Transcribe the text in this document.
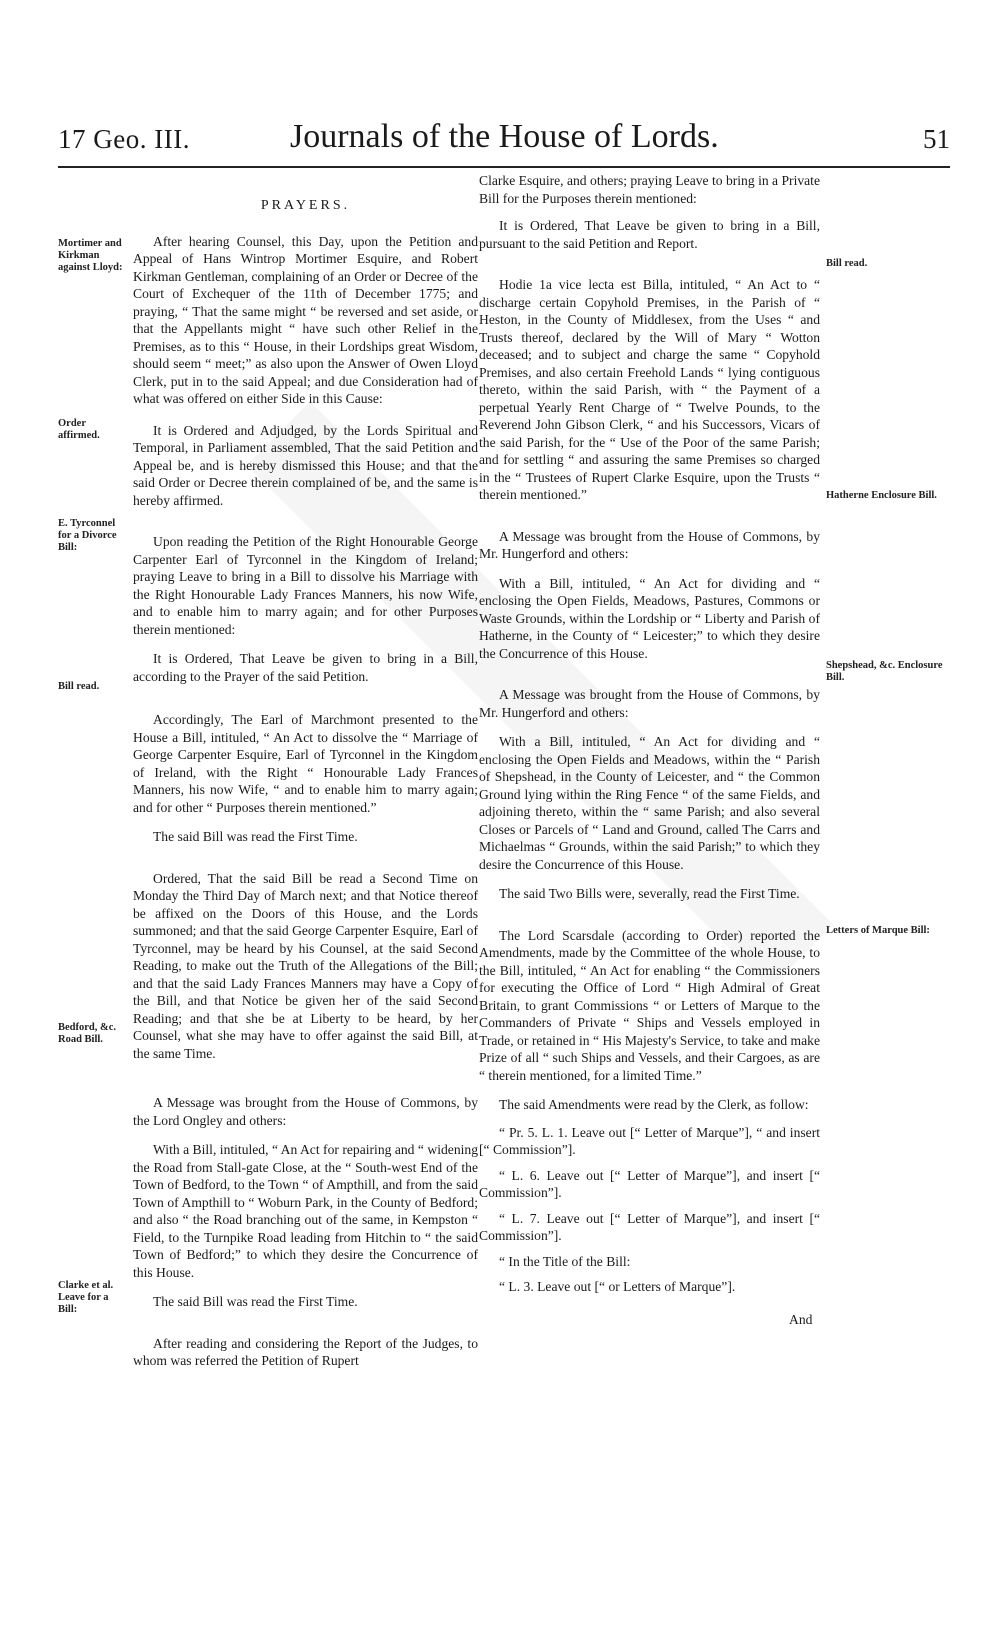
17 Geo. III.	Journals of the House of Lords.	51

PRAYERS.

After hearing Counsel, this Day, upon the Petition and Appeal of Hans Wintrop Mortimer Esquire, and Robert Kirkman Gentleman, complaining of an Order or Decree of the Court of Exchequer of the 11th of December 1775; and praying, “ That the same might “ be reversed and set aside, or that the Appellants might “ have such other Relief in the Premises, as to this “ House, in their Lordships great Wisdom, should seem “ meet;” as also upon the Answer of Owen Lloyd Clerk, put in to the said Appeal; and due Consideration had of what was offered on either Side in this Cause:

It is Ordered and Adjudged, by the Lords Spiritual and Temporal, in Parliament assembled, That the said Petition and Appeal be, and is hereby dismissed this House; and that the said Order or Decree therein complained of be, and the same is hereby affirmed.

Upon reading the Petition of the Right Honourable George Carpenter Earl of Tyrconnel in the Kingdom of Ireland; praying Leave to bring in a Bill to dissolve his Marriage with the Right Honourable Lady Frances Manners, his now Wife, and to enable him to marry again; and for other Purposes therein mentioned:

It is Ordered, That Leave be given to bring in a Bill, according to the Prayer of the said Petition.

Accordingly, The Earl of Marchmont presented to the House a Bill, intituled, “ An Act to dissolve the “ Marriage of George Carpenter Esquire, Earl of Tyrconnel in the Kingdom of Ireland, with the Right “ Honourable Lady Frances Manners, his now Wife, “ and to enable him to marry again; and for other “ Purposes therein mentioned.”

The said Bill was read the First Time.

Ordered, That the said Bill be read a Second Time on Monday the Third Day of March next; and that Notice thereof be affixed on the Doors of this House, and the Lords summoned; and that the said George Carpenter Esquire, Earl of Tyrconnel, may be heard by his Counsel, at the said Second Reading, to make out the Truth of the Allegations of the Bill; and that the said Lady Frances Manners may have a Copy of the Bill, and that Notice be given her of the said Second Reading; and that she be at Liberty to be heard, by her Counsel, what she may have to offer against the said Bill, at the same Time.

A Message was brought from the House of Commons, by the Lord Ongley and others:

With a Bill, intituled, “ An Act for repairing and “ widening the Road from Stall-gate Close, at the “ South-west End of the Town of Bedford, to the Town “ of Ampthill, and from the said Town of Ampthill to “ Woburn Park, in the County of Bedford; and also “ the Road branching out of the same, in Kempston “ Field, to the Turnpike Road leading from Hitchin to “ the said Town of Bedford;” to which they desire the Concurrence of this House.

The said Bill was read the First Time.

After reading and considering the Report of the Judges, to whom was referred the Petition of Rupert

Clarke Esquire, and others; praying Leave to bring in a Private Bill for the Purposes therein mentioned:

It is Ordered, That Leave be given to bring in a Bill, pursuant to the said Petition and Report.

Hodie 1a vice lecta est Billa, intituled, “ An Act to “ discharge certain Copyhold Premises, in the Parish of “ Heston, in the County of Middlesex, from the Uses “ and Trusts thereof, declared by the Will of Mary “ Wotton deceased; and to subject and charge the same “ Copyhold Premises, and also certain Freehold Lands “ lying contiguous thereto, within the said Parish, with “ the Payment of a perpetual Yearly Rent Charge of “ Twelve Pounds, to the Reverend John Gibson Clerk, “ and his Successors, Vicars of the said Parish, for the “ Use of the Poor of the same Parish; and for settling “ and assuring the same Premises so charged in the “ Trustees of Rupert Clarke Esquire, upon the Trusts “ therein mentioned.”

A Message was brought from the House of Commons, by Mr. Hungerford and others:

With a Bill, intituled, “ An Act for dividing and “ enclosing the Open Fields, Meadows, Pastures, Commons or Waste Grounds, within the Lordship or “ Liberty and Parish of Hatherne, in the County of “ Leicester;” to which they desire the Concurrence of this House.

A Message was brought from the House of Commons, by Mr. Hungerford and others:

With a Bill, intituled, “ An Act for dividing and “ enclosing the Open Fields and Meadows, within the “ Parish of Shepshead, in the County of Leicester, and “ the Common Ground lying within the Ring Fence “ of the same Fields, and adjoining thereto, within the “ same Parish; and also several Closes or Parcels of “ Land and Ground, called The Carrs and Michaelmas “ Grounds, within the said Parish;” to which they desire the Concurrence of this House.

The said Two Bills were, severally, read the First Time.

The Lord Scarsdale (according to Order) reported the Amendments, made by the Committee of the whole House, to the Bill, intituled, “ An Act for enabling “ the Commissioners for executing the Office of Lord “ High Admiral of Great Britain, to grant Commissions “ or Letters of Marque to the Commanders of Private “ Ships and Vessels employed in Trade, or retained in “ His Majesty's Service, to take and make Prize of all “ such Ships and Vessels, and their Cargoes, as are “ therein mentioned, for a limited Time.”

The said Amendments were read by the Clerk, as follow:

“ Pr. 5. L. 1. Leave out [“ Letter of Marque”], “ and insert [“ Commission”].

“ L. 6. Leave out [“ Letter of Marque”], and insert [“ Commission”].

“ L. 7. Leave out [“ Letter of Marque”], and insert [“ Commission”].

“ In the Title of the Bill:

“ L. 3. Leave out [“ or Letters of Marque”].

Mortimer and Kirkman against Lloyd:
Order affirmed.
E. Tyrconnel for a Divorce Bill:
Bill read.
Bedford, &c. Road Bill.
Clarke et al. Leave for a Bill:
Bill read.
Hatherne Enclosure Bill.
Shepshead, &c. Enclosure Bill.
Letters of Marque Bill:
And
